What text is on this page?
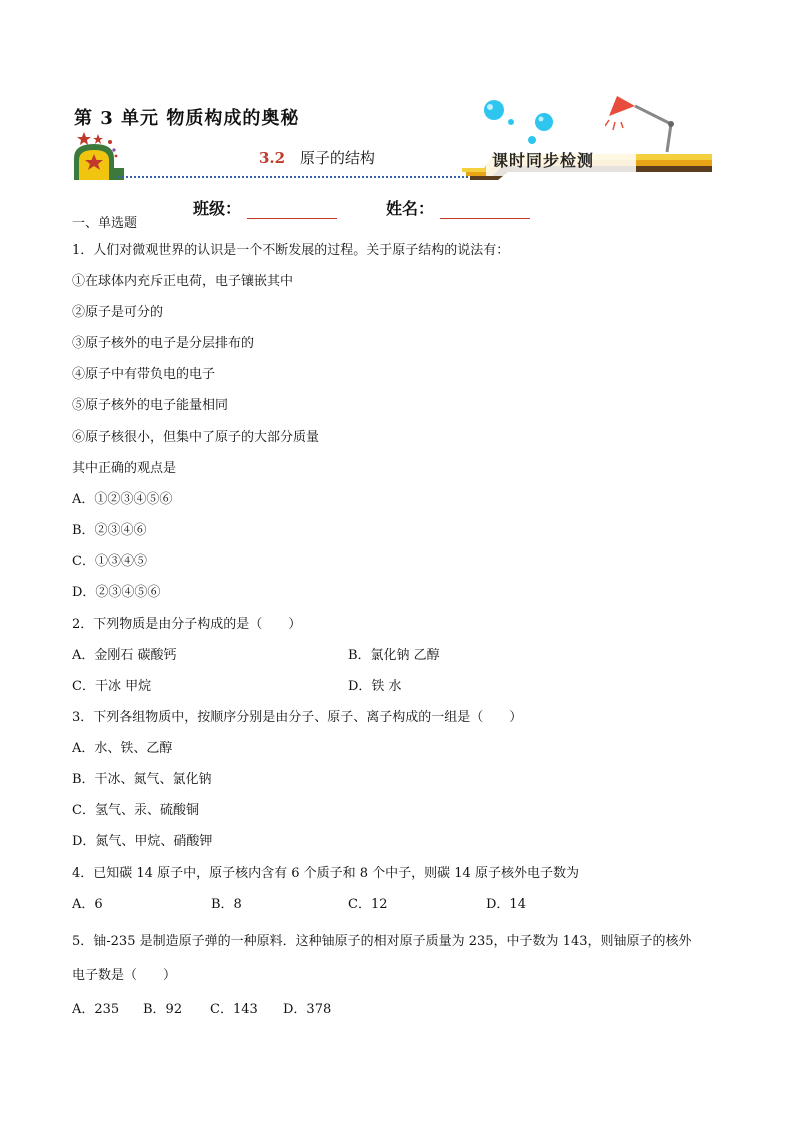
第 3 单元 物质构成的奥秘
3.2 原子的结构	课时同步检测
班级：	姓名：
一、单选题
1．人们对微观世界的认识是一个不断发展的过程。关于原子结构的说法有：
①在球体内充斥正电荷，电子镶嵌其中
②原子是可分的
③原子核外的电子是分层排布的
④原子中有带负电的电子
⑤原子核外的电子能量相同
⑥原子核很小，但集中了原子的大部分质量
其中正确的观点是
A．①②③④⑤⑥
B．②③④⑥
C．①③④⑤
D．②③④⑤⑥
2．下列物质是由分子构成的是（　　）
A．金刚石 碳酸钙	B．氯化钠 乙醇
C．干冰 甲烷	D．铁 水
3．下列各组物质中，按顺序分别是由分子、原子、离子构成的一组是（　　）
A．水、铁、乙醇
B．干冰、氮气、氯化钠
C．氢气、汞、硫酸铜
D．氮气、甲烷、硝酸钾
4．已知碳 14 原子中，原子核内含有 6 个质子和 8 个中子，则碳 14 原子核外电子数为
A．6	B．8	C．12	D．14
5．铀-235 是制造原子弹的一种原料．这种铀原子的相对原子质量为 235，中子数为 143，则铀原子的核外
电子数是（　　）
A．235 B．92 C．143 D．378
